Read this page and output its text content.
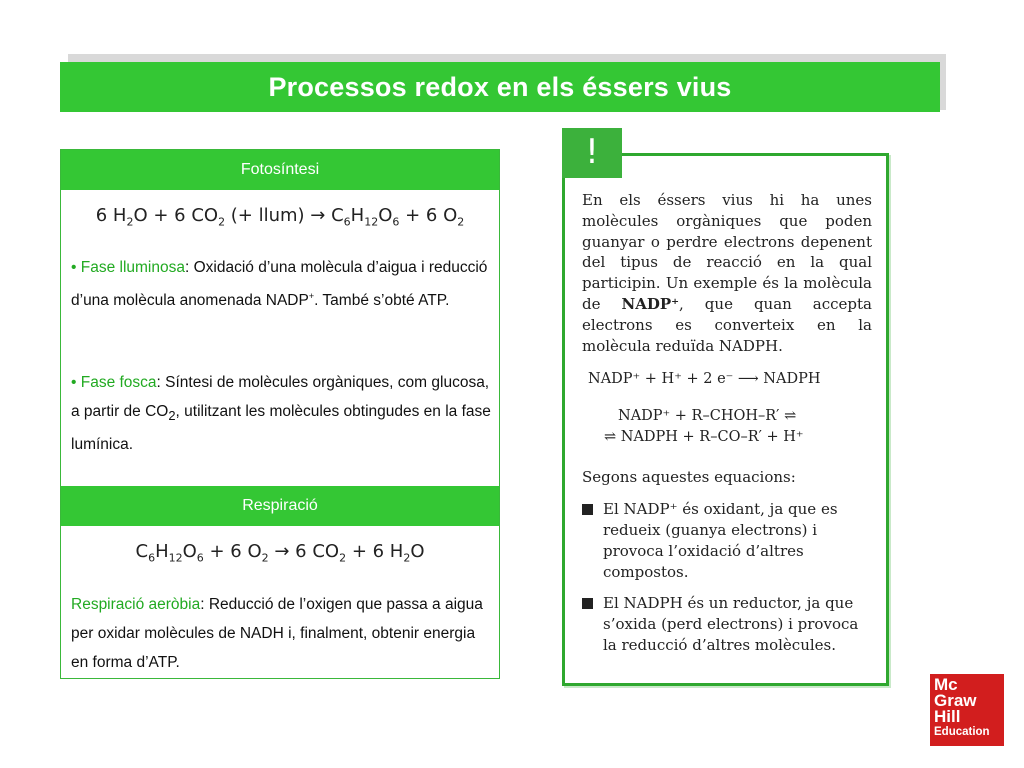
Processos redox en els éssers vius
Fotosíntesi
6 $H_2O + 6$ $CO_2$ (+ llum) → $C_6H_{12}O_6 + 6$ $O_2$
• Fase lluminosa: Oxidació d’una molècula d’aigua i reducció d’una molècula anomenada NADP+. També s’obté ATP.
• Fase fosca: Síntesi de molècules orgàniques, com glucosa, a partir de $CO_2$, utilitzant les molècules obtingudes en la fase lumínica.
Respiració
$C_6H_{12}O_6 + 6$ $O_2 \to 6$ $CO_2 + 6$ $H_2O$
Respiració aeròbia: Reducció de l’oxigen que passa a aigua per oxidar molècules de NADH i, finalment, obtenir energia en forma d’ATP.
!
En els éssers vius hi ha unes molècules orgàniques que poden guanyar o perdre electrons depenent del tipus de reacció en la qual participin. Un exemple és la molècula de NADP⁺, que quan accepta electrons es converteix en la molècula reduïda NADPH.
NADP⁺ + H⁺ + 2 e⁻ ⟶ NADPH
NADP⁺ + R–CHOH–R′ ⇌
⇌ NADPH + R–CO–R′ + H⁺
Segons aquestes equacions:
El NADP⁺ és oxidant, ja que es redueix (guanya electrons) i provoca l’oxidació d’altres compostos.
El NADPH és un reductor, ja que s’oxida (perd electrons) i provoca la reducció d’altres molècules.
Mc
Graw
Hill
Education
